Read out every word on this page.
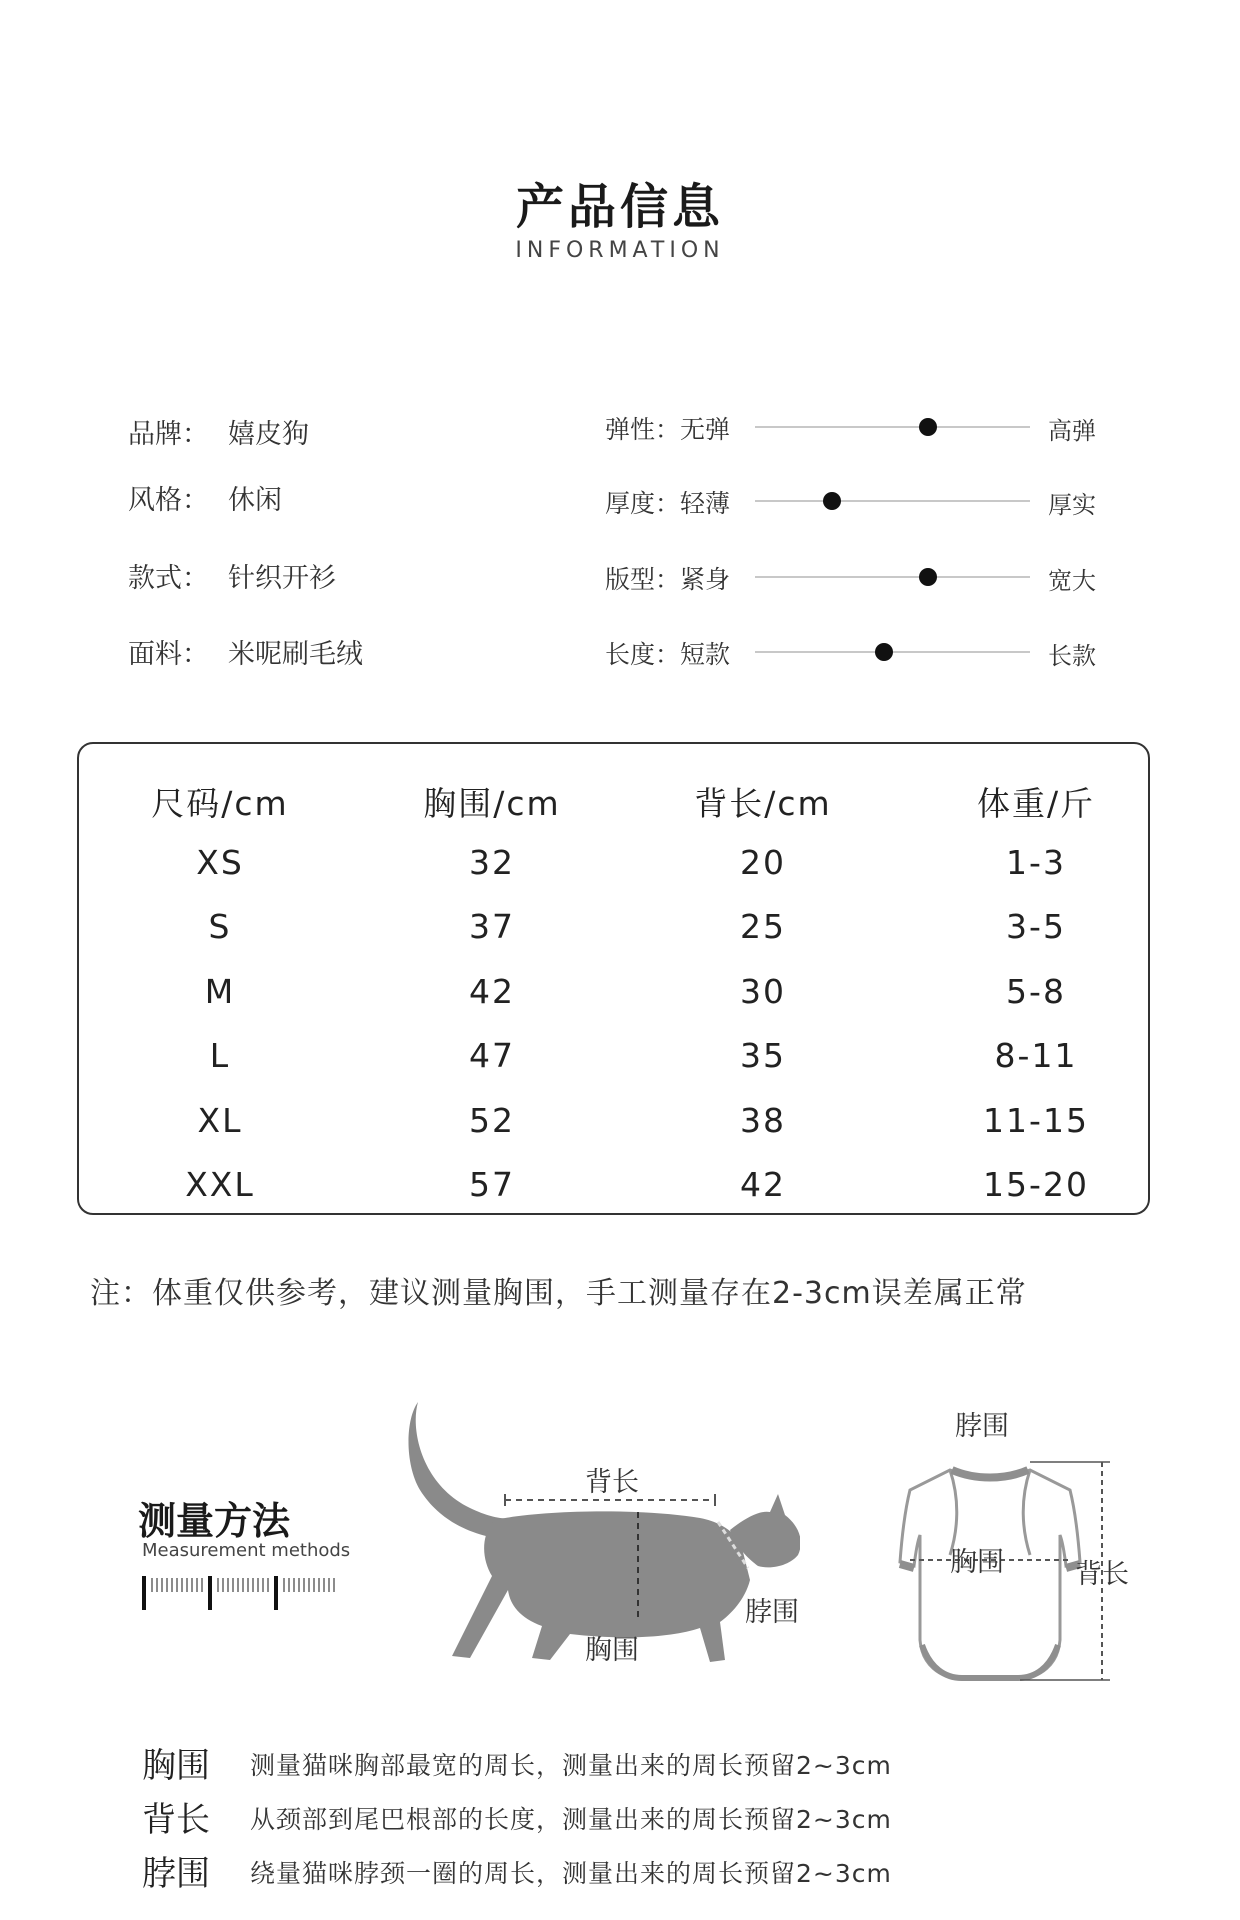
产品信息
INFORMATION
品牌： 嬉皮狗
风格： 休闲
款式： 针织开衫
面料： 米呢刷毛绒
弹性：无弹	高弹
厚度：轻薄	厚实
版型：紧身	宽大
长度：短款	长款
尺码/cm	胸围/cm	背长/cm	体重/斤
XS	32	20	1-3
S	37	25	3-5
M	42	30	5-8
L	47	35	8-11
XL	52	38	11-15
XXL	57	42	15-20
注：体重仅供参考，建议测量胸围，手工测量存在2-3cm误差属正常
测量方法
Measurement methods
背长
脖围
胸围
脖围
胸围	背长
胸围 测量猫咪胸部最宽的周长，测量出来的周长预留2~3cm
背长 从颈部到尾巴根部的长度，测量出来的周长预留2~3cm
脖围 绕量猫咪脖颈一圈的周长，测量出来的周长预留2~3cm
